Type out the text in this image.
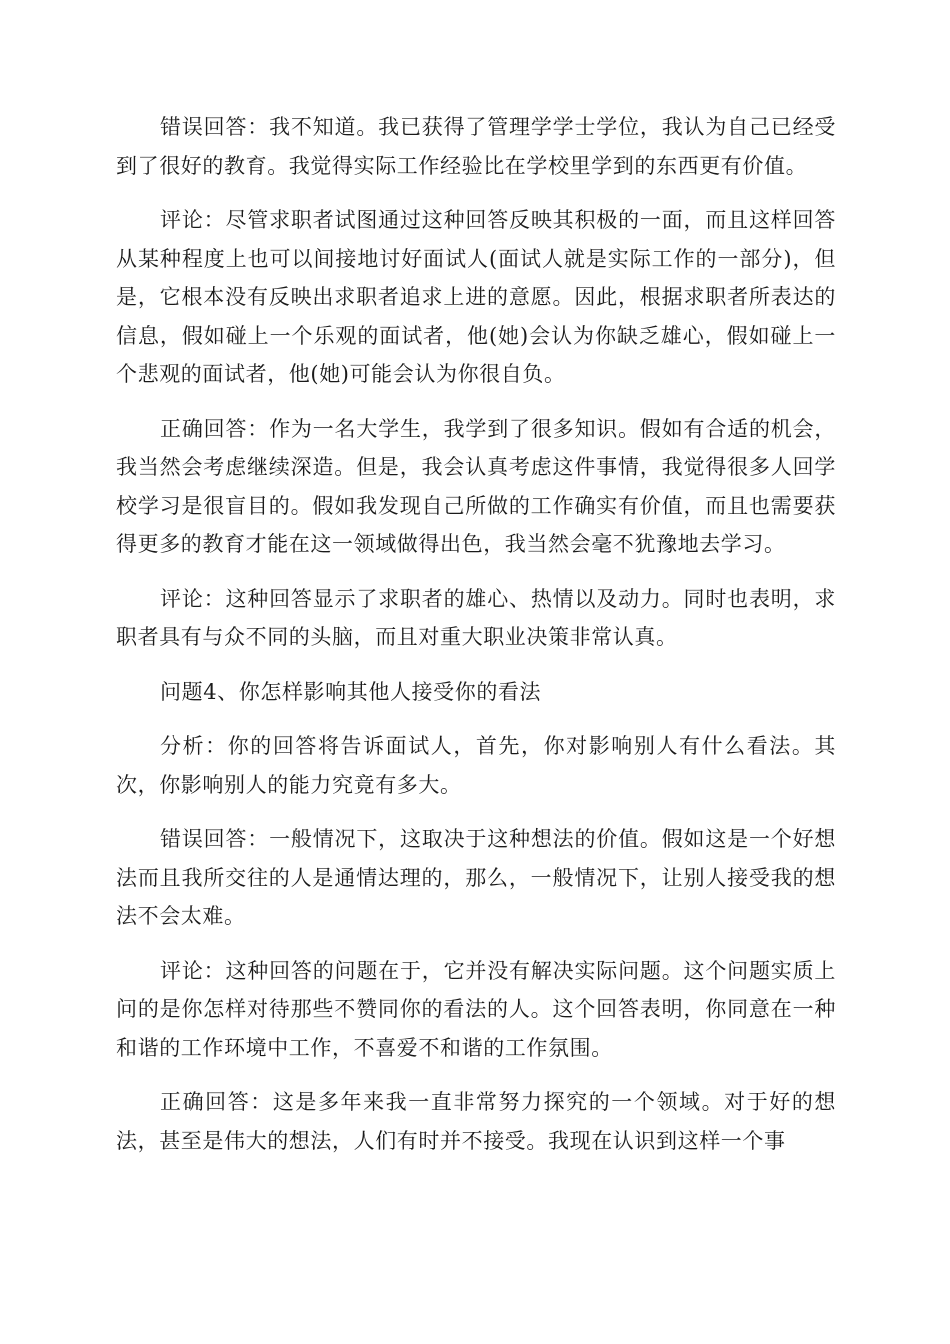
错误回答：我不知道。我已获得了管理学学士学位，我认为自己已经受到了很好的教育。我觉得实际工作经验比在学校里学到的东西更有价值。

评论：尽管求职者试图通过这种回答反映其积极的一面，而且这样回答从某种程度上也可以间接地讨好面试人(面试人就是实际工作的一部分)，但是，它根本没有反映出求职者追求上进的意愿。因此，根据求职者所表达的信息，假如碰上一个乐观的面试者，他(她)会认为你缺乏雄心，假如碰上一个悲观的面试者，他(她)可能会认为你很自负。

正确回答：作为一名大学生，我学到了很多知识。假如有合适的机会，我当然会考虑继续深造。但是，我会认真考虑这件事情，我觉得很多人回学校学习是很盲目的。假如我发现自己所做的工作确实有价值，而且也需要获得更多的教育才能在这一领域做得出色，我当然会毫不犹豫地去学习。

评论：这种回答显示了求职者的雄心、热情以及动力。同时也表明，求职者具有与众不同的头脑，而且对重大职业决策非常认真。

问题4、你怎样影响其他人接受你的看法

分析：你的回答将告诉面试人，首先，你对影响别人有什么看法。其次，你影响别人的能力究竟有多大。

错误回答：一般情况下，这取决于这种想法的价值。假如这是一个好想法而且我所交往的人是通情达理的，那么，一般情况下，让别人接受我的想法不会太难。

评论：这种回答的问题在于，它并没有解决实际问题。这个问题实质上问的是你怎样对待那些不赞同你的看法的人。这个回答表明，你同意在一种和谐的工作环境中工作，不喜爱不和谐的工作氛围。

正确回答：这是多年来我一直非常努力探究的一个领域。对于好的想法，甚至是伟大的想法，人们有时并不接受。我现在认识到这样一个事
